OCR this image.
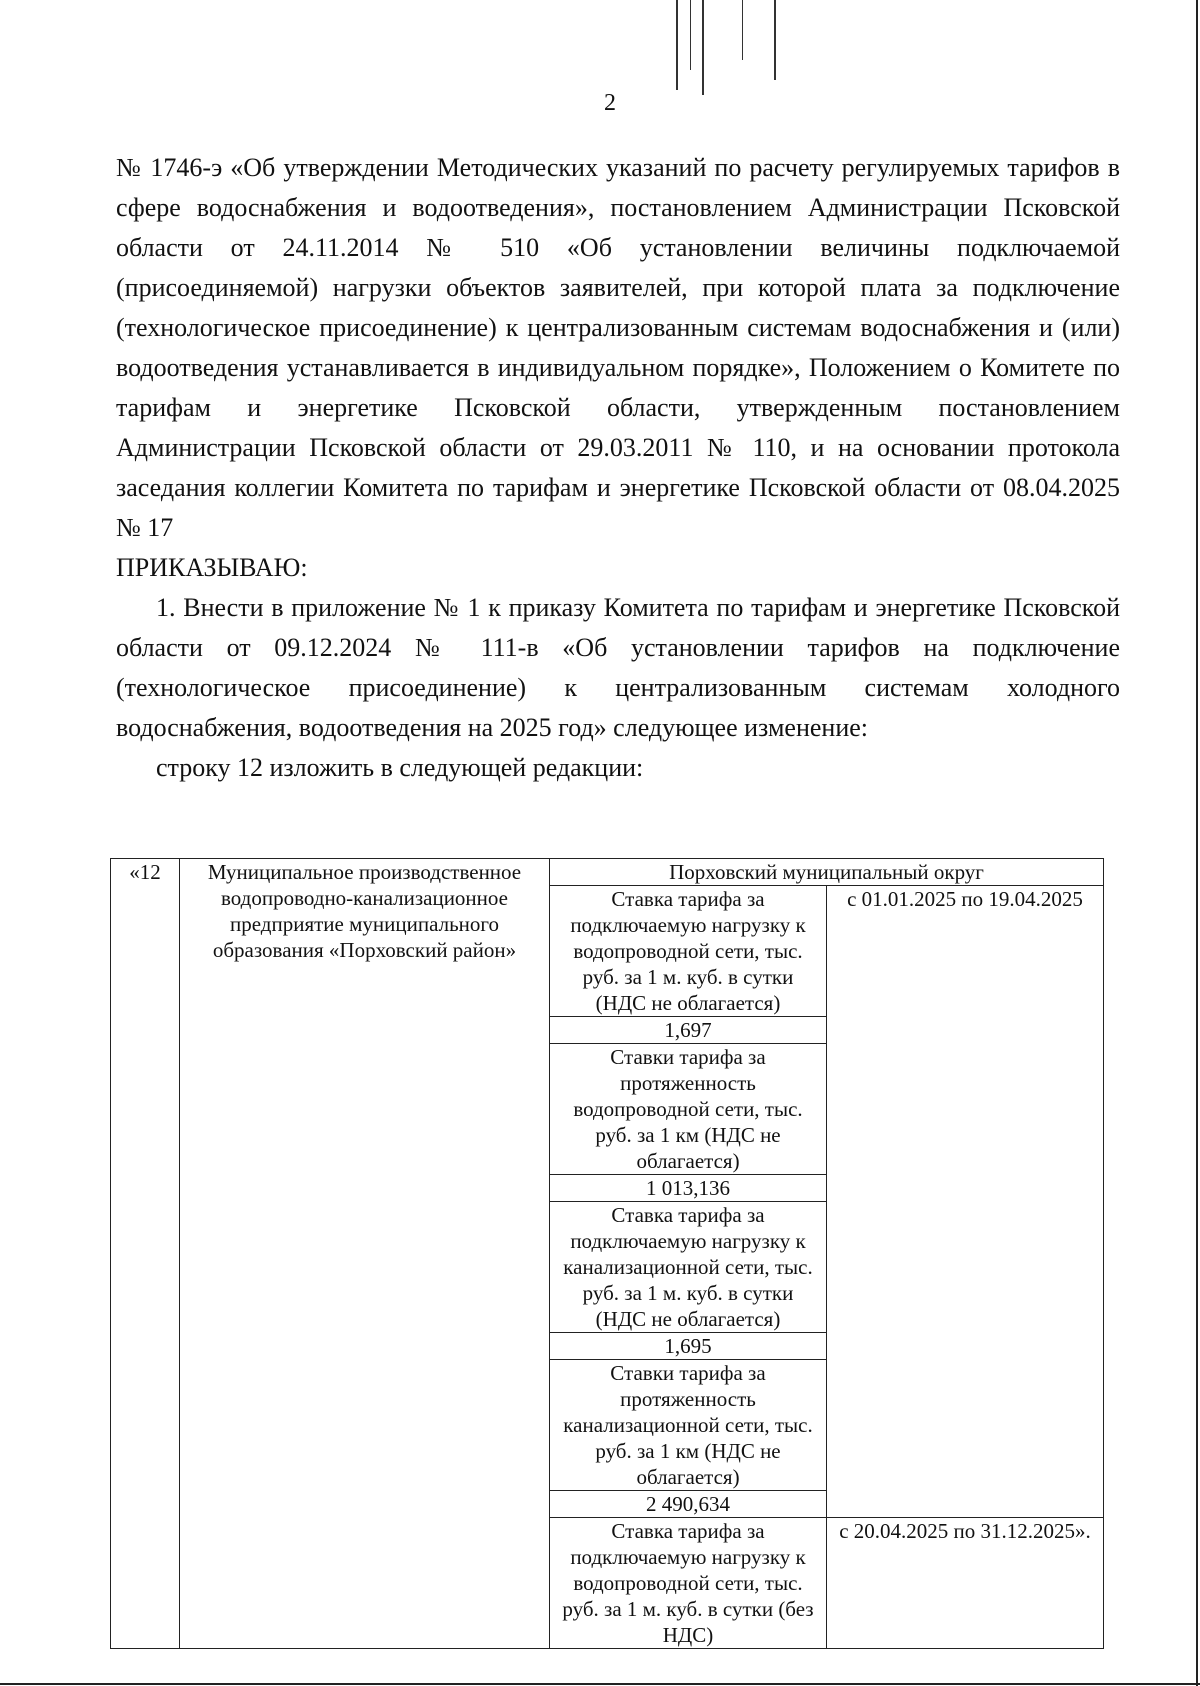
2

№ 1746-э «Об утверждении Методических указаний по расчету регулируемых тарифов в сфере водоснабжения и водоотведения», постановлением Администрации Псковской области от 24.11.2014 № 510 «Об установлении величины подключаемой (присоединяемой) нагрузки объектов заявителей, при которой плата за подключение (технологическое присоединение) к централизованным системам водоснабжения и (или) водоотведения устанавливается в индивидуальном порядке», Положением о Комитете по тарифам и энергетике Псковской области, утвержденным постановлением Администрации Псковской области от 29.03.2011 № 110, и на основании протокола заседания коллегии Комитета по тарифам и энергетике Псковской области от 08.04.2025 № 17

ПРИКАЗЫВАЮ:

1. Внести в приложение № 1 к приказу Комитета по тарифам и энергетике Псковской области от 09.12.2024 № 111-в «Об установлении тарифов на подключение (технологическое присоединение) к централизованным системам холодного водоснабжения, водоотведения на 2025 год» следующее изменение:

строку 12 изложить в следующей редакции:

«12	Муниципальное производственное водопроводно-канализационное предприятие муниципального образования «Порховский район»	Порховский муниципальный округ	
		Ставка тарифа за подключаемую нагрузку к водопроводной сети, тыс. руб. за 1 м. куб. в сутки (НДС не облагается)	с 01.01.2025 по 19.04.2025
		1,697	
		Ставки тарифа за протяженность водопроводной сети, тыс. руб. за 1 км (НДС не облагается)	
		1 013,136	
		Ставка тарифа за подключаемую нагрузку к канализационной сети, тыс. руб. за 1 м. куб. в сутки (НДС не облагается)	
		1,695	
		Ставки тарифа за протяженность канализационной сети, тыс. руб. за 1 км (НДС не облагается)	
		2 490,634	
		Ставка тарифа за подключаемую нагрузку к водопроводной сети, тыс. руб. за 1 м. куб. в сутки (без НДС)	с 20.04.2025 по 31.12.2025».
